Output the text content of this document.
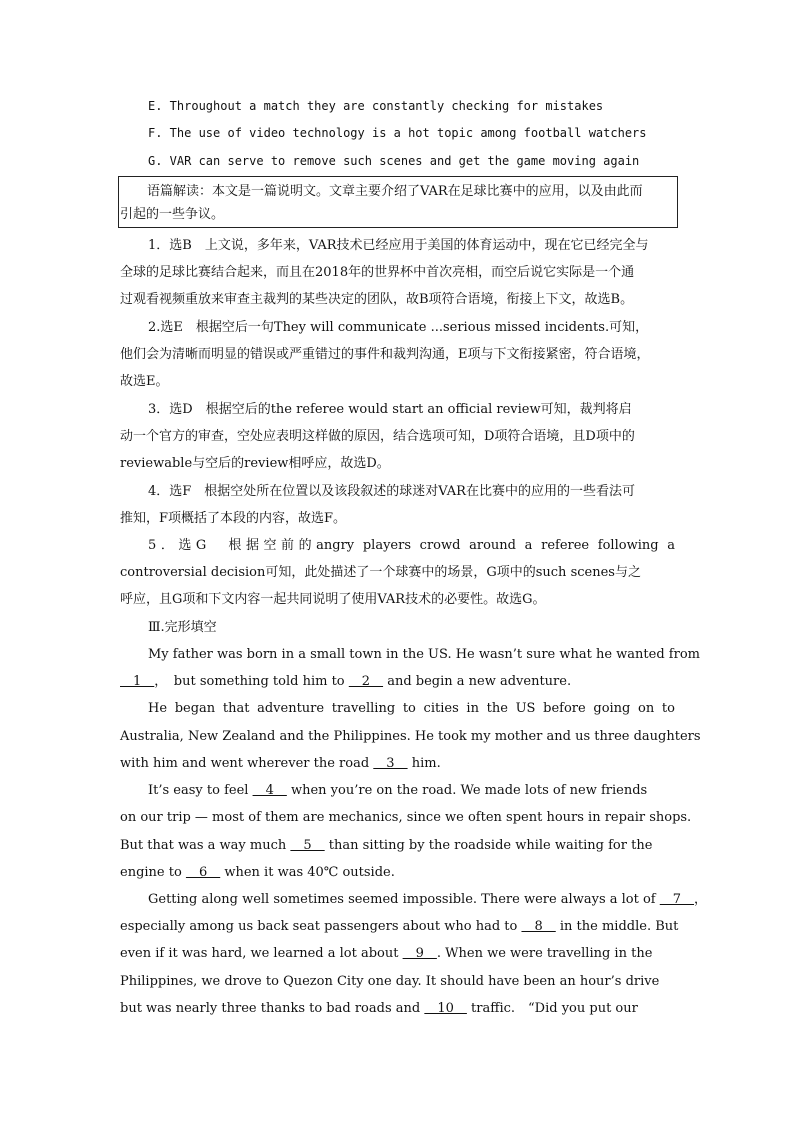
E. Throughout a match they are constantly checking for mistakes
F. The use of video technology is a hot topic among football watchers
G. VAR can serve to remove such scenes and get the game moving again
语篇解读：本文是一篇说明文。文章主要介绍了VAR在足球比赛中的应用，以及由此而
引起的一些争议。
1．选B　上文说，多年来，VAR技术已经应用于美国的体育运动中，现在它已经完全与
全球的足球比赛结合起来，而且在2018年的世界杯中首次亮相，而空后说它实际是一个通
过观看视频重放来审查主裁判的某些决定的团队，故B项符合语境，衔接上下文，故选B。
2.选E　根据空后一句They will communicate ...serious missed incidents.可知，
他们会为清晰而明显的错误或严重错过的事件和裁判沟通，E项与下文衔接紧密，符合语境，
故选E。
3．选D　根据空后的the referee would start an official review可知，裁判将启
动一个官方的审查，空处应表明这样做的原因，结合选项可知，D项符合语境，且D项中的
reviewable与空后的review相呼应，故选D。
4．选F　根据空处所在位置以及该段叙述的球迷对VAR在比赛中的应用的一些看法可
推知，F项概括了本段的内容，故选F。
5．选G　根据空前的angry players crowd around a referee following a
controversial decision可知，此处描述了一个球赛中的场景，G项中的such scenes与之
呼应，且G项和下文内容一起共同说明了使用VAR技术的必要性。故选G。
Ⅲ.完形填空
My father was born in a small town in the US. He wasn’t sure what he wanted from
　1　，　but something told him to 　2　 and begin a new adventure.
He began that adventure travelling to cities in the US before going on to
Australia, New Zealand and the Philippines. He took my mother and us three daughters
with him and went wherever the road 　3　 him.
It’s easy to feel 　4　 when you’re on the road. We made lots of new friends
on our trip — most of them are mechanics, since we often spent hours in repair shops.
But that was a way much 　5　 than sitting by the roadside while waiting for the
engine to 　6　 when it was 40℃ outside.
Getting along well sometimes seemed impossible. There were always a lot of 　7　，
especially among us back seat passengers about who had to 　8　 in the middle. But
even if it was hard, we learned a lot about 　9　. When we were travelling in the
Philippines, we drove to Quezon City one day. It should have been an hour’s drive
but was nearly three thanks to bad roads and 　10　 traffic.　“Did you put our
